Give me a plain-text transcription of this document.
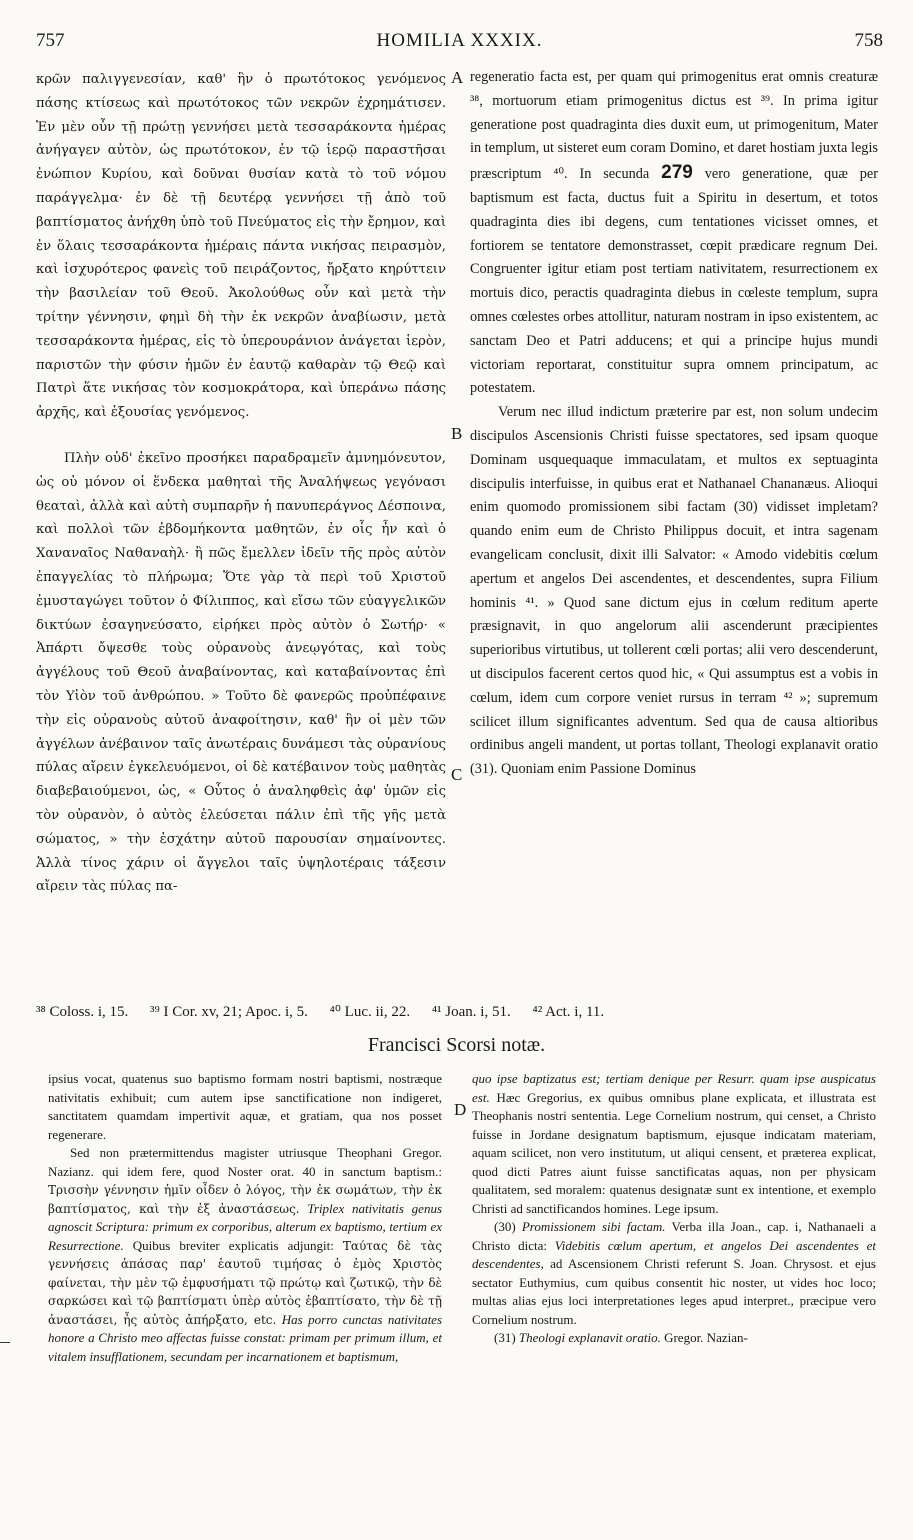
757	HOMILIA XXXIX.	758

κρῶν παλιγγενεσίαν, καθ' ἣν ὁ πρωτότοκος γενόμενος πάσης κτίσεως καὶ πρωτότοκος τῶν νεκρῶν ἐχρημάτισεν. Ἐν μὲν οὖν τῇ πρώτῃ γεννήσει μετὰ τεσσαράκοντα ἡμέρας ἀνήγαγεν αὐτὸν, ὡς πρωτότοκον, ἐν τῷ ἱερῷ παραστῆσαι ἐνώπιον Κυρίου, καὶ δοῦναι θυσίαν κατὰ τὸ τοῦ νόμου παράγγελμα· ἐν δὲ τῇ δευτέρᾳ γεννήσει τῇ ἀπὸ τοῦ βαπτίσματος ἀνήχθη ὑπὸ τοῦ Πνεύματος εἰς τὴν ἔρημον, καὶ ἐν ὅλαις τεσσαράκοντα ἡμέραις πάντα νικήσας πειρασμὸν, καὶ ἰσχυρότερος φανεὶς τοῦ πειράζοντος, ἤρξατο κηρύττειν τὴν βασιλείαν τοῦ Θεοῦ. Ἀκολούθως οὖν καὶ μετὰ τὴν τρίτην γέννησιν, φημὶ δὴ τὴν ἐκ νεκρῶν ἀναβίωσιν, μετὰ τεσσαράκοντα ἡμέρας, εἰς τὸ ὑπερουράνιον ἀνάγεται ἱερὸν, παριστῶν τὴν φύσιν ἡμῶν ἐν ἑαυτῷ καθαρὰν τῷ Θεῷ καὶ Πατρὶ ἅτε νικήσας τὸν κοσμοκράτορα, καὶ ὑπεράνω πάσης ἀρχῆς, καὶ ἐξουσίας γενόμενος.

Πλὴν οὐδ' ἐκεῖνο προσήκει παραδραμεῖν ἀμνημόνευτον, ὡς οὐ μόνον οἱ ἕνδεκα μαθηταὶ τῆς Ἀναλήψεως γεγόνασι θεαταὶ, ἀλλὰ καὶ αὐτὴ συμπαρῆν ἡ πανυπεράγνος Δέσποινα, καὶ πολλοὶ τῶν ἑβδομήκοντα μαθητῶν, ἐν οἷς ἦν καὶ ὁ Χαναναῖος Ναθαναὴλ· ἢ πῶς ἔμελλεν ἰδεῖν τῆς πρὸς αὐτὸν ἐπαγγελίας τὸ πλήρωμα; Ὅτε γὰρ τὰ περὶ τοῦ Χριστοῦ ἐμυσταγώγει τοῦτον ὁ Φίλιππος, καὶ εἴσω τῶν εὐαγγελικῶν δικτύων ἐσαγηνεύσατο, εἰρήκει πρὸς αὐτὸν ὁ Σωτήρ· « Ἀπάρτι ὄψεσθε τοὺς οὐρανοὺς ἀνεῳγότας, καὶ τοὺς ἀγγέλους τοῦ Θεοῦ ἀναβαίνοντας, καὶ καταβαίνοντας ἐπὶ τὸν Υἱὸν τοῦ ἀνθρώπου. » Τοῦτο δὲ φανερῶς προὐπέφαινε τὴν εἰς οὐρανοὺς αὐτοῦ ἀναφοίτησιν, καθ' ἣν οἱ μὲν τῶν ἀγγέλων ἀνέβαινον ταῖς ἀνωτέραις δυνάμεσι τὰς οὐρανίους πύλας αἴρειν ἐγκελευόμενοι, οἱ δὲ κατέβαινον τοὺς μαθητὰς διαβεβαιούμενοι, ὡς, « Οὗτος ὁ ἀναληφθεὶς ἀφ' ὑμῶν εἰς τὸν οὐρανὸν, ὁ αὐτὸς ἐλεύσεται πάλιν ἐπὶ τῆς γῆς μετὰ σώματος, » τὴν ἐσχάτην αὐτοῦ παρουσίαν σημαίνοντες. Ἀλλὰ τίνος χάριν οἱ ἄγγελοι ταῖς ὑψηλοτέραις τάξεσιν αἴρειν τὰς πύλας πα-

A
B
C

regeneratio facta est, per quam qui primogenitus erat omnis creaturæ ³⁸, mortuorum etiam primogenitus dictus est ³⁹. In prima igitur generatione post quadraginta dies duxit eum, ut primogenitum, Mater in templum, ut sisteret eum coram Domino, et daret hostiam juxta legis præscriptum ⁴⁰. In secunda 279 vero generatione, quæ per baptismum est facta, ductus fuit a Spiritu in desertum, et totos quadraginta dies ibi degens, cum tentationes vicisset omnes, et fortiorem se tentatore demonstrasset, cœpit prædicare regnum Dei. Congruenter igitur etiam post tertiam nativitatem, resurrectionem ex mortuis dico, peractis quadraginta diebus in cœleste templum, supra omnes cœlestes orbes attollitur, naturam nostram in ipso existentem, ac sanctam Deo et Patri adducens; et qui a principe hujus mundi victoriam reportarat, constituitur supra omnem principatum, ac potestatem.

Verum nec illud indictum præterire par est, non solum undecim discipulos Ascensionis Christi fuisse spectatores, sed ipsam quoque Dominam usquequaque immaculatam, et multos ex septuaginta discipulis interfuisse, in quibus erat et Nathanael Chananæus. Alioqui enim quomodo promissionem sibi factam (30) vidisset impletam? quando enim eum de Christo Philippus docuit, et intra sagenam evangelicam conclusit, dixit illi Salvator: « Amodo videbitis cœlum apertum et angelos Dei ascendentes, et descendentes, supra Filium hominis ⁴¹. » Quod sane dictum ejus in cœlum reditum aperte præsignavit, in quo angelorum alii ascenderunt præcipientes superioribus virtutibus, ut tollerent cœli portas; alii vero descenderunt, ut discipulos facerent certos quod hic, « Qui assumptus est a vobis in cœlum, idem cum corpore veniet rursus in terram ⁴² »; supremum scilicet illum significantes adventum. Sed qua de causa altioribus ordinibus angeli mandent, ut portas tollant, Theologi explanavit oratio (31). Quoniam enim Passione Dominus

³⁸ Coloss. i, 15. ³⁹ I Cor. xv, 21; Apoc. i, 5. ⁴⁰ Luc. ii, 22. ⁴¹ Joan. i, 51. ⁴² Act. i, 11.
Francisci Scorsi notæ.

ipsius vocat, quatenus suo baptismo formam nostri baptismi, nostræque nativitatis exhibuit; cum autem ipse sanctificatione non indigeret, sanctitatem quamdam impertivit aquæ, et gratiam, qua nos posset regenerare.

Sed non prætermittendus magister utriusque Theophani Gregor. Nazianz. qui idem fere, quod Noster orat. 40 in sanctum baptism.: Τρισσὴν γέννησιν ἡμῖν οἶδεν ὁ λόγος, τὴν ἐκ σωμάτων, τὴν ἐκ βαπτίσματος, καὶ τὴν ἐξ ἀναστάσεως. Triplex nativitatis genus agnoscit Scriptura: primum ex corporibus, alterum ex baptismo, tertium ex Resurrectione. Quibus breviter explicatis adjungit: Ταύτας δὲ τὰς γεννήσεις ἁπάσας παρ' ἑαυτοῦ τιμήσας ὁ ἐμὸς Χριστὸς φαίνεται, τὴν μὲν τῷ ἐμφυσήματι τῷ πρώτῳ καὶ ζωτικῷ, τὴν δὲ σαρκώσει καὶ τῷ βαπτίσματι ὑπὲρ αὐτὸς ἐβαπτίσατο, τὴν δὲ τῇ ἀναστάσει, ἧς αὐτὸς ἀπήρξατο, etc. Has porro cunctas nativitates honore a Christo meo affectas fuisse constat: primam per primum illum, et vitalem insufflationem, secundam per incarnationem et baptismum,

D

quo ipse baptizatus est; tertiam denique per Resurr. quam ipse auspicatus est. Hæc Gregorius, ex quibus omnibus plane explicata, et illustrata est Theophanis nostri sententia. Lege Cornelium nostrum, qui censet, a Christo fuisse in Jordane designatum baptismum, ejusque indicatam materiam, aquam scilicet, non vero institutum, ut aliqui censent, et præterea explicat, quod dicti Patres aiunt fuisse sanctificatas aquas, non per physicam qualitatem, sed moralem: quatenus designatæ sunt ex intentione, et exemplo Christi ad sanctificandos homines. Lege ipsum.

(30) Promissionem sibi factam. Verba illa Joan., cap. i, Nathanaeli a Christo dicta: Videbitis cœlum apertum, et angelos Dei ascendentes et descendentes, ad Ascensionem Christi referunt S. Joan. Chrysost. et ejus sectator Euthymius, cum quibus consentit hic noster, ut vides hoc loco; multas alias ejus loci interpretationes leges apud interpret., præcipue vero Cornelium nostrum.

(31) Theologi explanavit oratio. Gregor. Nazian-
